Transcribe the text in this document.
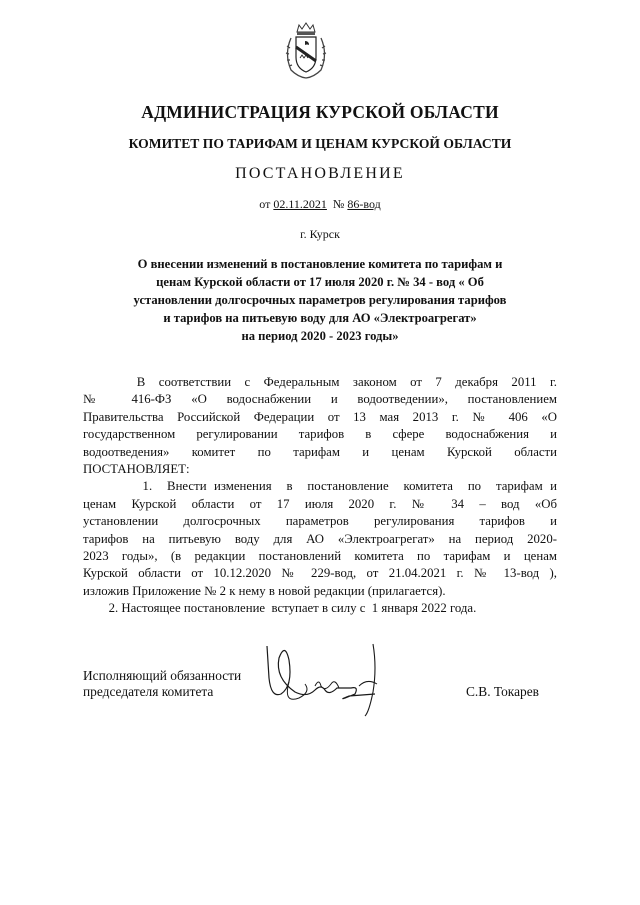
АДМИНИСТРАЦИЯ КУРСКОЙ ОБЛАСТИ
КОМИТЕТ ПО ТАРИФАМ И ЦЕНАМ КУРСКОЙ ОБЛАСТИ
ПОСТАНОВЛЕНИЕ
от 02.11.2021 № 86-вод
г. Курск
О внесении изменений в постановление комитета по тарифам и
ценам Курской области от 17 июля 2020 г. № 34 - вод « Об
установлении долгосрочных параметров регулирования тарифов
и тарифов на питьевую воду для АО «Электроагрегат»
на период 2020 - 2023 годы»
В  соответствии  с  Федеральным  законом  от  7  декабря  2011  г.
№ 416-ФЗ «О водоснабжении и водоотведении», постановлением
Правительства Российской Федерации от 13 мая 2013 г. № 406 «О
государственном регулировании тарифов в сфере водоснабжения и
водоотведения» комитет по тарифам и ценам Курской области
ПОСТАНОВЛЯЕТ:
1.  Внести изменения  в  постановление  комитета  по  тарифам и
ценам Курской области от 17 июля 2020 г. № 34 – вод «Об
установлении долгосрочных параметров регулирования тарифов и
тарифов на питьевую воду для АО «Электроагрегат» на период 2020-
2023 годы», (в редакции постановлений комитета по тарифам и ценам
Курской области от 10.12.2020 № 229-вод, от 21.04.2021 г. № 13-вод ),
изложив Приложение № 2 к нему в новой редакции (прилагается).
2. Настоящее постановление  вступает в силу с  1 января 2022 года.
Исполняющий обязанности
председателя комитета	С.В. Токарев
